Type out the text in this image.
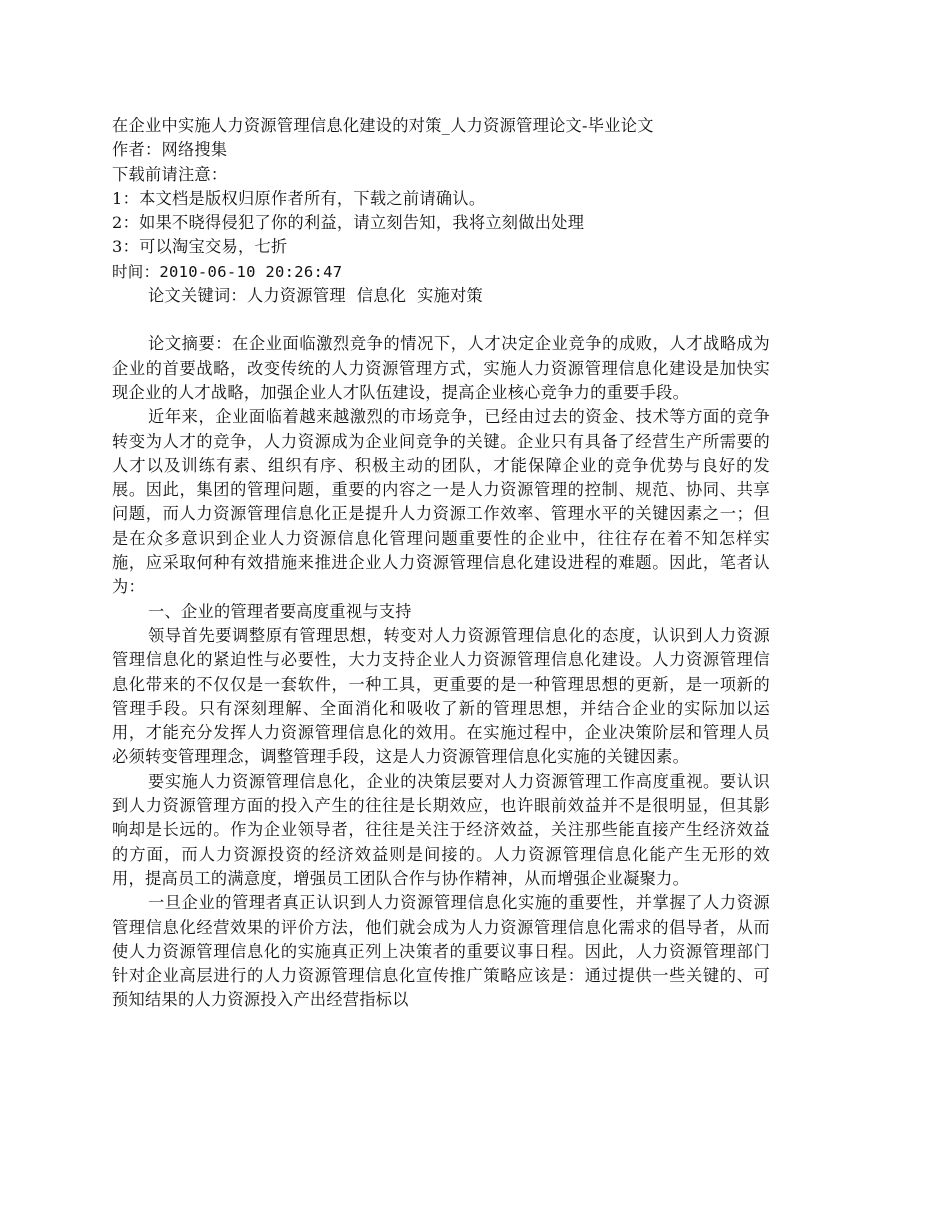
在企业中实施人力资源管理信息化建设的对策_人力资源管理论文-毕业论文

作者：网络搜集

下载前请注意：

1：本文档是版权归原作者所有，下载之前请确认。

2：如果不晓得侵犯了你的利益，请立刻告知，我将立刻做出处理

3：可以淘宝交易，七折

时间：2010-06-10 20:26:47

论文关键词：人力资源管理  信息化  实施对策

论文摘要：在企业面临激烈竞争的情况下，人才决定企业竞争的成败，人才战略成为企业的首要战略，改变传统的人力资源管理方式，实施人力资源管理信息化建设是加快实现企业的人才战略，加强企业人才队伍建设，提高企业核心竞争力的重要手段。

近年来，企业面临着越来越激烈的市场竞争，已经由过去的资金、技术等方面的竞争转变为人才的竞争，人力资源成为企业间竞争的关键。企业只有具备了经营生产所需要的人才以及训练有素、组织有序、积极主动的团队，才能保障企业的竞争优势与良好的发展。因此，集团的管理问题，重要的内容之一是人力资源管理的控制、规范、协同、共享问题，而人力资源管理信息化正是提升人力资源工作效率、管理水平的关键因素之一；但是在众多意识到企业人力资源信息化管理问题重要性的企业中，往往存在着不知怎样实施，应采取何种有效措施来推进企业人力资源管理信息化建设进程的难题。因此，笔者认为：

一、企业的管理者要高度重视与支持

领导首先要调整原有管理思想，转变对人力资源管理信息化的态度，认识到人力资源管理信息化的紧迫性与必要性，大力支持企业人力资源管理信息化建设。人力资源管理信息化带来的不仅仅是一套软件，一种工具，更重要的是一种管理思想的更新，是一项新的管理手段。只有深刻理解、全面消化和吸收了新的管理思想，并结合企业的实际加以运用，才能充分发挥人力资源管理信息化的效用。在实施过程中，企业决策阶层和管理人员必须转变管理理念，调整管理手段，这是人力资源管理信息化实施的关键因素。

要实施人力资源管理信息化，企业的决策层要对人力资源管理工作高度重视。要认识到人力资源管理方面的投入产生的往往是长期效应，也许眼前效益并不是很明显，但其影响却是长远的。作为企业领导者，往往是关注于经济效益，关注那些能直接产生经济效益的方面，而人力资源投资的经济效益则是间接的。人力资源管理信息化能产生无形的效用，提高员工的满意度，增强员工团队合作与协作精神，从而增强企业凝聚力。

一旦企业的管理者真正认识到人力资源管理信息化实施的重要性，并掌握了人力资源管理信息化经营效果的评价方法，他们就会成为人力资源管理信息化需求的倡导者，从而使人力资源管理信息化的实施真正列上决策者的重要议事日程。因此，人力资源管理部门针对企业高层进行的人力资源管理信息化宣传推广策略应该是：通过提供一些关键的、可预知结果的人力资源投入产出经营指标以
